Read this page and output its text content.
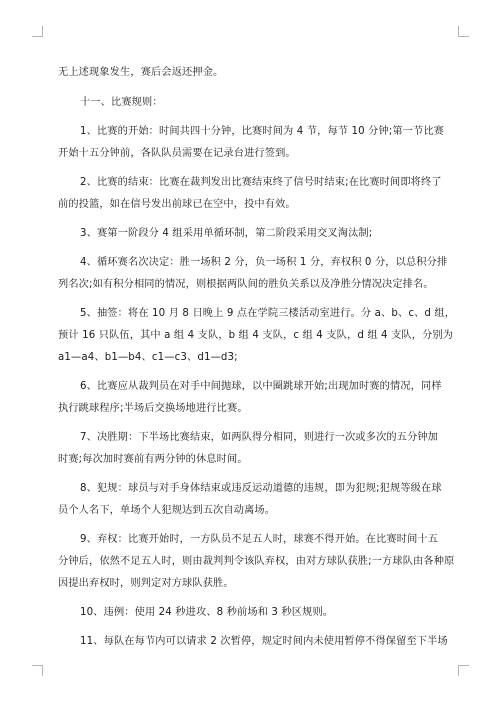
无上述现象发生，赛后会返还押金。
十一、比赛规则：
1、比赛的开始：时间共四十分钟，比赛时间为 4 节，每节 10 分钟;第一节比赛
开始十五分钟前，各队队员需要在记录台进行签到。
2、比赛的结束：比赛在裁判发出比赛结束终了信号时结束;在比赛时间即将终了
前的投篮，如在信号发出前球已在空中，投中有效。
3、赛第一阶段分 4 组采用单循环制，第二阶段采用交叉淘汰制;
4、循环赛名次决定：胜一场积 2 分，负一场积 1 分，弃权积 0 分，以总积分排
列名次;如有积分相同的情况，则根据两队间的胜负关系以及净胜分情况决定排名。
5、抽签：将在 10 月 8 日晚上 9 点在学院三楼活动室进行。分 a、b、c、d 组，
预计 16 只队伍，其中 a 组 4 支队，b 组 4 支队，c 组 4 支队，d 组 4 支队，分别为
a1—a4、b1—b4、c1—c3、d1—d3;
6、比赛应从裁判员在对手中间抛球，以中圈跳球开始;出现加时赛的情况，同样
执行跳球程序;半场后交换场地进行比赛。
7、决胜期：下半场比赛结束，如两队得分相同，则进行一次或多次的五分钟加
时赛;每次加时赛前有两分钟的休息时间。
8、犯规：球员与对手身体结束或违反运动道德的违规，即为犯规;犯规等级在球
员个人名下，单场个人犯规达到五次自动离场。
9、弃权：比赛开始时，一方队员不足五人时，球赛不得开始。在比赛时间十五
分钟后，依然不足五人时，则由裁判判令该队弃权，由对方球队获胜;一方球队由各种原
因提出弃权时，则判定对方球队获胜。
10、违例：使用 24 秒进攻、8 秒前场和 3 秒区规则。
11、每队在每节内可以请求 2 次暂停，规定时间内未使用暂停不得保留至下半场
